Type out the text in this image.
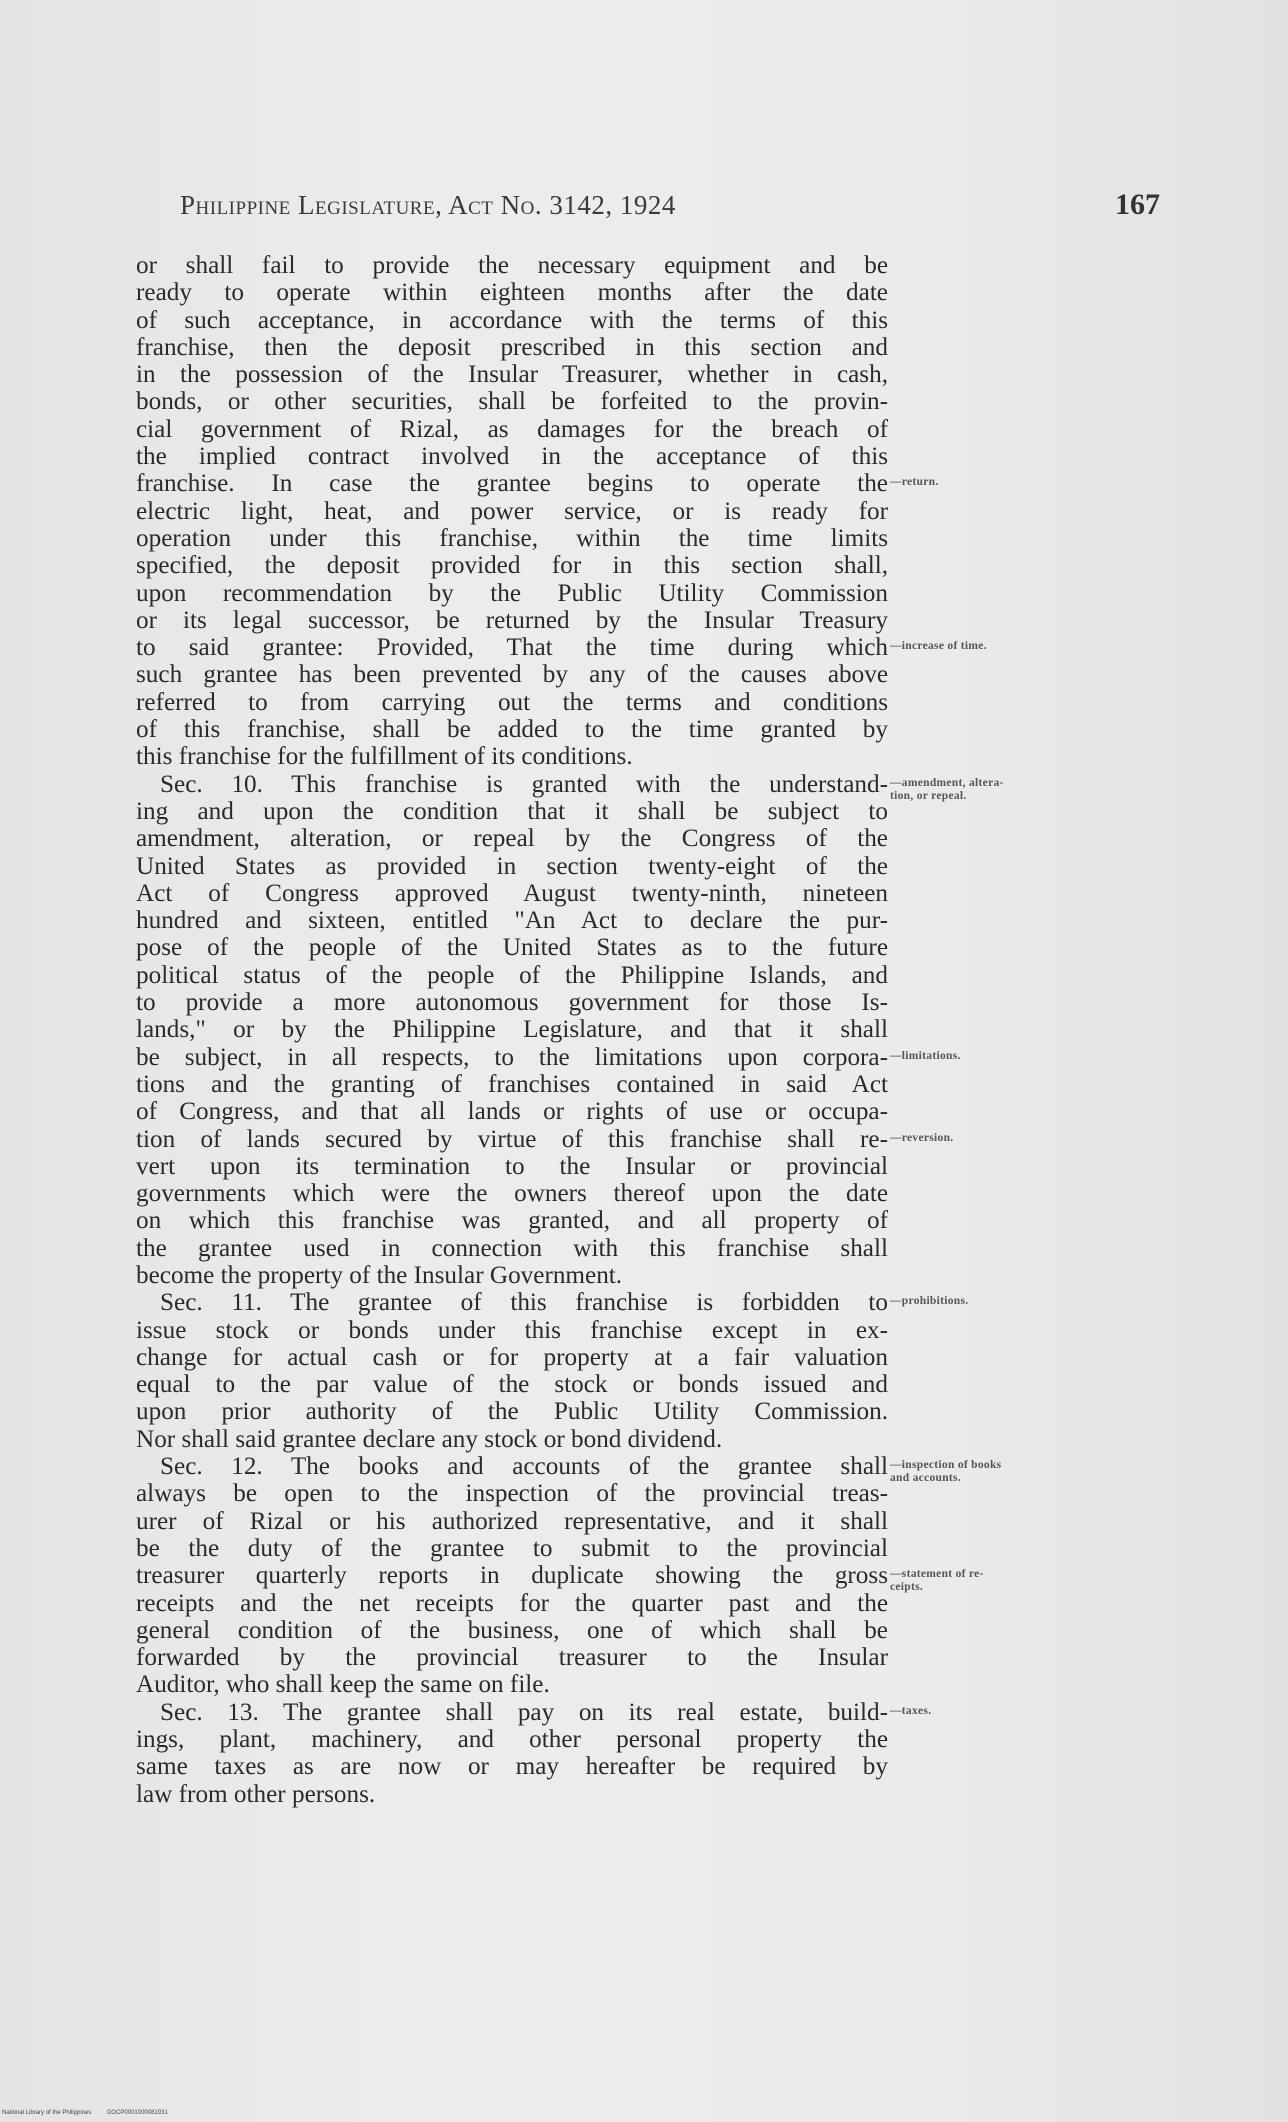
Philippine Legislature, Act No. 3142, 1924	167
or shall fail to provide the necessary equipment and be
ready to operate within eighteen months after the date
of such acceptance, in accordance with the terms of this
franchise, then the deposit prescribed in this section and
in the possession of the Insular Treasurer, whether in cash,
bonds, or other securities, shall be forfeited to the provin-
cial government of Rizal, as damages for the breach of
the implied contract involved in the acceptance of this
franchise. In case the grantee begins to operate the
electric light, heat, and power service, or is ready for
operation under this franchise, within the time limits
specified, the deposit provided for in this section shall,
upon recommendation by the Public Utility Commission
or its legal successor, be returned by the Insular Treasury
to said grantee: Provided, That the time during which
such grantee has been prevented by any of the causes above
referred to from carrying out the terms and conditions
of this franchise, shall be added to the time granted by
this franchise for the fulfillment of its conditions.
Sec. 10. This franchise is granted with the understand-
ing and upon the condition that it shall be subject to
amendment, alteration, or repeal by the Congress of the
United States as provided in section twenty-eight of the
Act of Congress approved August twenty-ninth, nineteen
hundred and sixteen, entitled "An Act to declare the pur-
pose of the people of the United States as to the future
political status of the people of the Philippine Islands, and
to provide a more autonomous government for those Is-
lands," or by the Philippine Legislature, and that it shall
be subject, in all respects, to the limitations upon corpora-
tions and the granting of franchises contained in said Act
of Congress, and that all lands or rights of use or occupa-
tion of lands secured by virtue of this franchise shall re-
vert upon its termination to the Insular or provincial
governments which were the owners thereof upon the date
on which this franchise was granted, and all property of
the grantee used in connection with this franchise shall
become the property of the Insular Government.
Sec. 11. The grantee of this franchise is forbidden to
issue stock or bonds under this franchise except in ex-
change for actual cash or for property at a fair valuation
equal to the par value of the stock or bonds issued and
upon prior authority of the Public Utility Commission.
Nor shall said grantee declare any stock or bond dividend.
Sec. 12. The books and accounts of the grantee shall
always be open to the inspection of the provincial treas-
urer of Rizal or his authorized representative, and it shall
be the duty of the grantee to submit to the provincial
treasurer quarterly reports in duplicate showing the gross
receipts and the net receipts for the quarter past and the
general condition of the business, one of which shall be
forwarded by the provincial treasurer to the Insular
Auditor, who shall keep the same on file.
Sec. 13. The grantee shall pay on its real estate, build-
ings, plant, machinery, and other personal property the
same taxes as are now or may hereafter be required by
law from other persons.
—return.
—increase of time.
—amendment, altera-
tion, or repeal.
—limitations.
—reversion.
—prohibitions.
—inspection of books
and accounts.
—statement of re-
ceipts.
—taxes.
National Library of the Philippines	DOCP0001000081931
